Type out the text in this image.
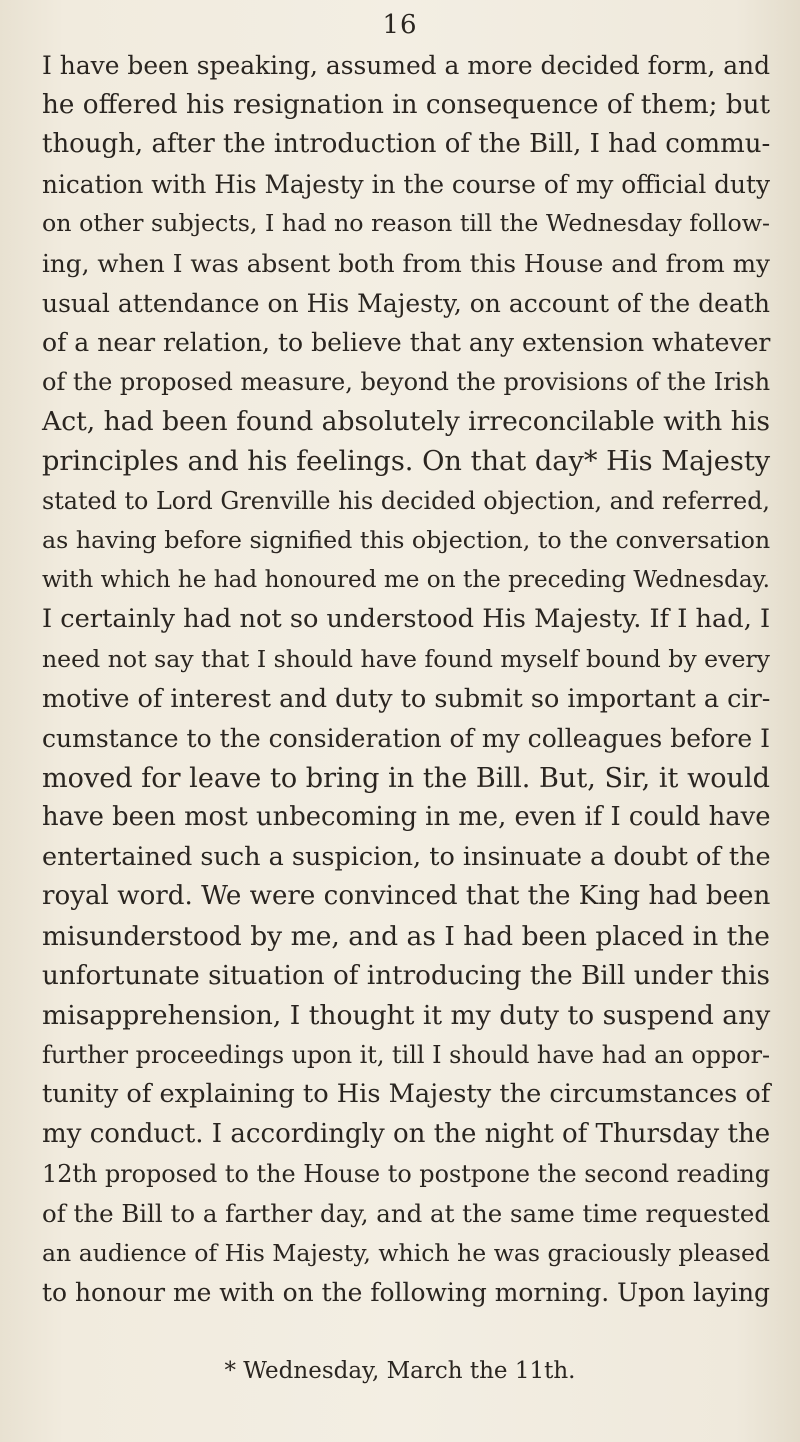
16
I have been speaking, assumed a more decided form, and
he offered his resignation in consequence of them; but
though, after the introduction of the Bill, I had commu-
nication with His Majesty in the course of my official duty
on other subjects, I had no reason till the Wednesday follow-
ing, when I was absent both from this House and from my
usual attendance on His Majesty, on account of the death
of a near relation, to believe that any extension whatever
of the proposed measure, beyond the provisions of the Irish
Act, had been found absolutely irreconcilable with his
principles and his feelings. On that day* His Majesty
stated to Lord Grenville his decided objection, and referred,
as having before signified this objection, to the conversation
with which he had honoured me on the preceding Wednesday.
I certainly had not so understood His Majesty. If I had, I
need not say that I should have found myself bound by every
motive of interest and duty to submit so important a cir-
cumstance to the consideration of my colleagues before I
moved for leave to bring in the Bill. But, Sir, it would
have been most unbecoming in me, even if I could have
entertained such a suspicion, to insinuate a doubt of the
royal word. We were convinced that the King had been
misunderstood by me, and as I had been placed in the
unfortunate situation of introducing the Bill under this
misapprehension, I thought it my duty to suspend any
further proceedings upon it, till I should have had an oppor-
tunity of explaining to His Majesty the circumstances of
my conduct. I accordingly on the night of Thursday the
12th proposed to the House to postpone the second reading
of the Bill to a farther day, and at the same time requested
an audience of His Majesty, which he was graciously pleased
to honour me with on the following morning. Upon laying
* Wednesday, March the 11th.
